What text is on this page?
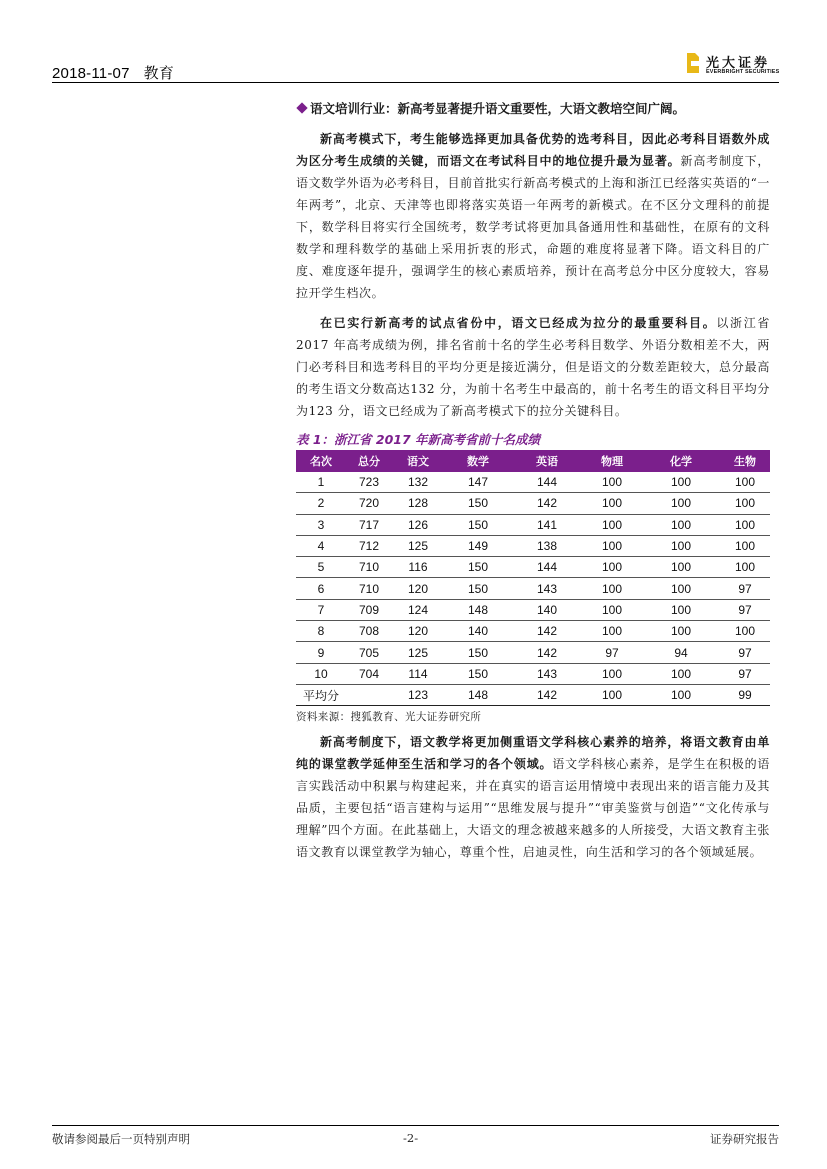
2018-11-07 教育
光大证券
EVERBRIGHT SECURITIES
语文培训行业：新高考显著提升语文重要性，大语文教培空间广阔。

新高考模式下，考生能够选择更加具备优势的选考科目，因此必考科目语数外成为区分考生成绩的关键，而语文在考试科目中的地位提升最为显著。新高考制度下，语文数学外语为必考科目，目前首批实行新高考模式的上海和浙江已经落实英语的“一年两考”，北京、天津等也即将落实英语一年两考的新模式。在不区分文理科的前提下，数学科目将实行全国统考，数学考试将更加具备通用性和基础性，在原有的文科数学和理科数学的基础上采用折衷的形式，命题的难度将显著下降。语文科目的广度、难度逐年提升，强调学生的核心素质培养，预计在高考总分中区分度较大，容易拉开学生档次。

在已实行新高考的试点省份中，语文已经成为拉分的最重要科目。以浙江省 2017 年高考成绩为例，排名省前十名的学生必考科目数学、外语分数相差不大，两门必考科目和选考科目的平均分更是接近满分，但是语文的分数差距较大，总分最高的考生语文分数高达132 分，为前十名考生中最高的，前十名考生的语文科目平均分为123 分，语文已经成为了新高考模式下的拉分关键科目。

表 1：浙江省 2017 年新高考省前十名成绩
名次	总分	语文	数学	英语	物理	化学	生物
1	723	132	147	144	100	100	100
2	720	128	150	142	100	100	100
3	717	126	150	141	100	100	100
4	712	125	149	138	100	100	100
5	710	116	150	144	100	100	100
6	710	120	150	143	100	100	97
7	709	124	148	140	100	100	97
8	708	120	140	142	100	100	100
9	705	125	150	142	97	94	97
10	704	114	150	143	100	100	97
平均分		123	148	142	100	100	99
资料来源：搜狐教育、光大证券研究所

新高考制度下，语文教学将更加侧重语文学科核心素养的培养，将语文教育由单纯的课堂教学延伸至生活和学习的各个领域。语文学科核心素养，是学生在积极的语言实践活动中积累与构建起来，并在真实的语言运用情境中表现出来的语言能力及其品质，主要包括“语言建构与运用”“思维发展与提升”“审美鉴赏与创造”“文化传承与理解”四个方面。在此基础上，大语文的理念被越来越多的人所接受，大语文教育主张语文教育以课堂教学为轴心，尊重个性，启迪灵性，向生活和学习的各个领域延展。

敬请参阅最后一页特别声明	-2-	证券研究报告
